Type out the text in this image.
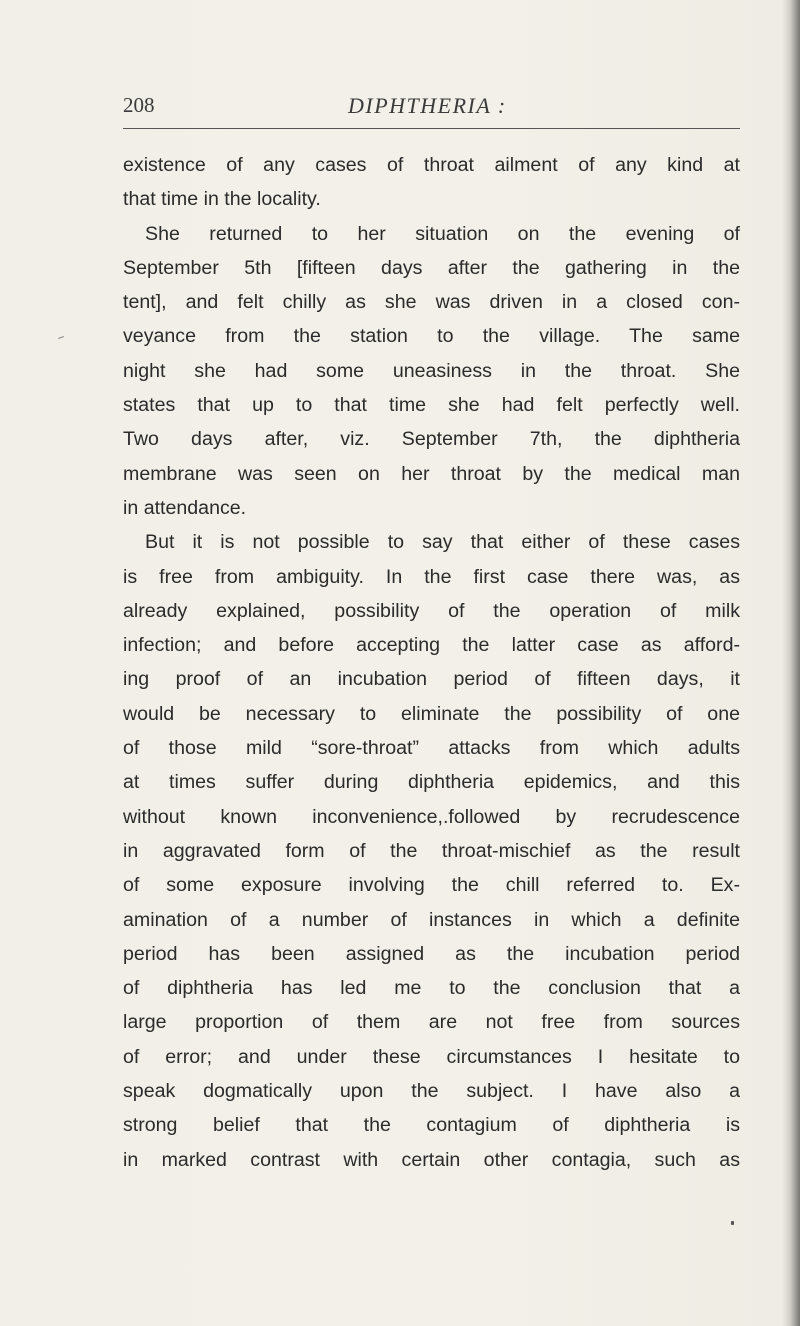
208	DIPHTHERIA :
existence of any cases of throat ailment of any kind at
that time in the locality.
She returned to her situation on the evening of
September 5th [fifteen days after the gathering in the
tent], and felt chilly as she was driven in a closed con-
veyance from the station to the village. The same
night she had some uneasiness in the throat. She
states that up to that time she had felt perfectly well.
Two days after, viz. September 7th, the diphtheria
membrane was seen on her throat by the medical man
in attendance.
But it is not possible to say that either of these cases
is free from ambiguity. In the first case there was, as
already explained, possibility of the operation of milk
infection; and before accepting the latter case as afford-
ing proof of an incubation period of fifteen days, it
would be necessary to eliminate the possibility of one
of those mild “sore-throat” attacks from which adults
at times suffer during diphtheria epidemics, and this
without known inconvenience,.followed by recrudescence
in aggravated form of the throat-mischief as the result
of some exposure involving the chill referred to. Ex-
amination of a number of instances in which a definite
period has been assigned as the incubation period
of diphtheria has led me to the conclusion that a
large proportion of them are not free from sources
of error; and under these circumstances I hesitate to
speak dogmatically upon the subject. I have also a
strong belief that the contagium of diphtheria is
in marked contrast with certain other contagia, such as
